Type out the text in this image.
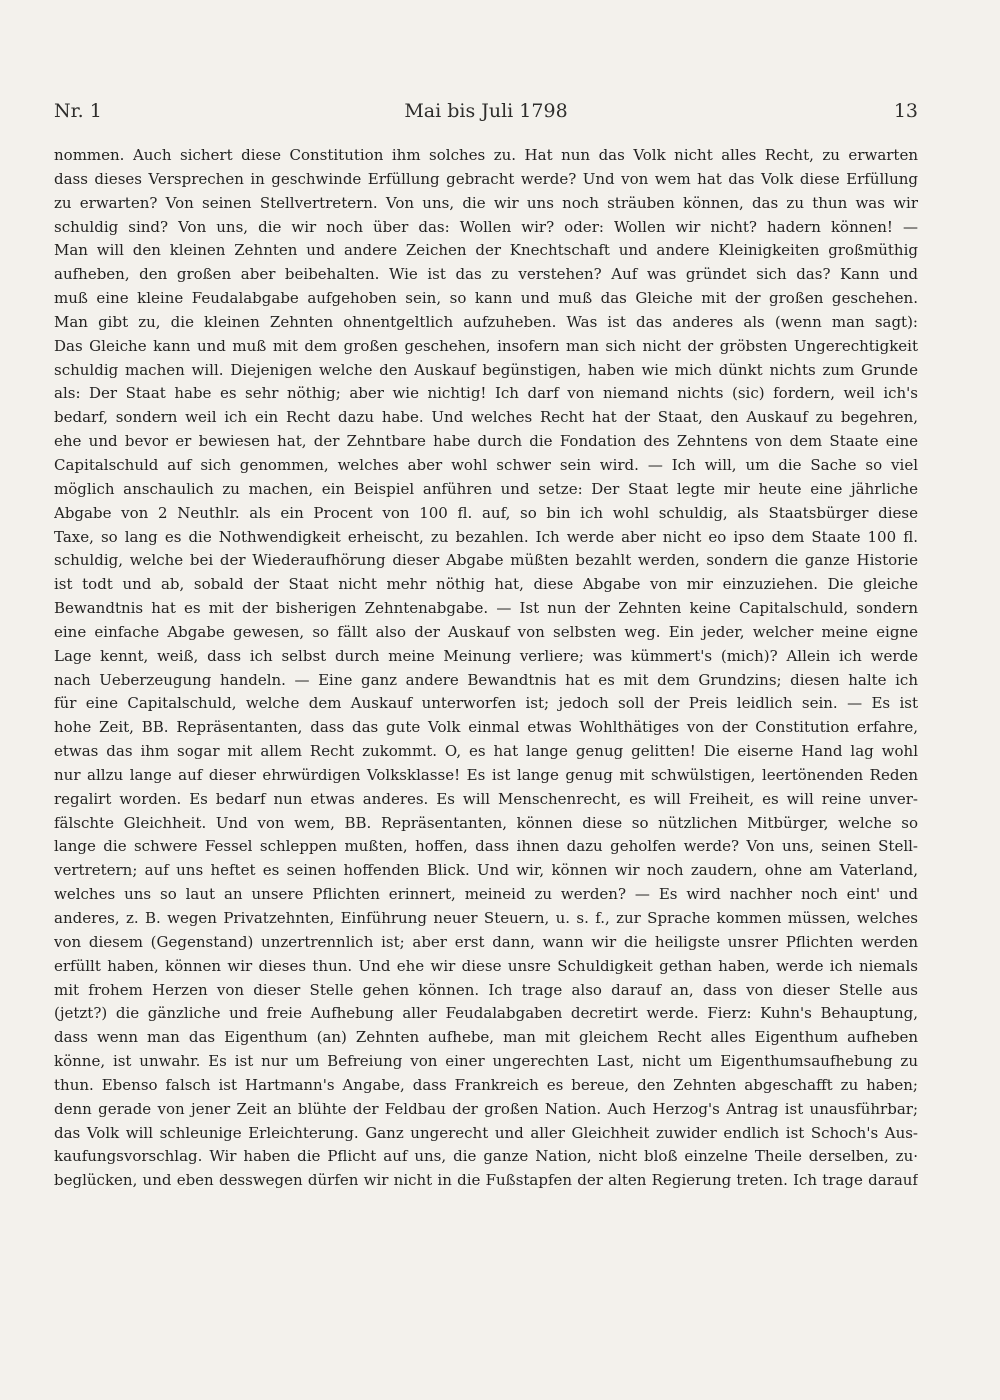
Nr. 1	Mai bis Juli 1798	13
nommen. Auch sichert diese Constitution ihm solches zu. Hat nun das Volk nicht alles Recht, zu erwarten
dass dieses Versprechen in geschwinde Erfüllung gebracht werde? Und von wem hat das Volk diese Erfüllung
zu erwarten? Von seinen Stellvertretern. Von uns, die wir uns noch sträuben können, das zu thun was wir
schuldig sind? Von uns, die wir noch über das: Wollen wir? oder: Wollen wir nicht? hadern können! —
Man will den kleinen Zehnten und andere Zeichen der Knechtschaft und andere Kleinigkeiten großmüthig
aufheben, den großen aber beibehalten. Wie ist das zu verstehen? Auf was gründet sich das? Kann und
muß eine kleine Feudalabgabe aufgehoben sein, so kann und muß das Gleiche mit der großen geschehen.
Man gibt zu, die kleinen Zehnten ohnentgeltlich aufzuheben. Was ist das anderes als (wenn man sagt):
Das Gleiche kann und muß mit dem großen geschehen, insofern man sich nicht der gröbsten Ungerechtigkeit
schuldig machen will. Diejenigen welche den Auskauf begünstigen, haben wie mich dünkt nichts zum Grunde
als: Der Staat habe es sehr nöthig; aber wie nichtig! Ich darf von niemand nichts (sic) fordern, weil ich's
bedarf, sondern weil ich ein Recht dazu habe. Und welches Recht hat der Staat, den Auskauf zu begehren,
ehe und bevor er bewiesen hat, der Zehntbare habe durch die Fondation des Zehntens von dem Staate eine
Capitalschuld auf sich genommen, welches aber wohl schwer sein wird. — Ich will, um die Sache so viel
möglich anschaulich zu machen, ein Beispiel anführen und setze: Der Staat legte mir heute eine jährliche
Abgabe von 2 Neuthlr. als ein Procent von 100 fl. auf, so bin ich wohl schuldig, als Staatsbürger diese
Taxe, so lang es die Nothwendigkeit erheischt, zu bezahlen. Ich werde aber nicht eo ipso dem Staate 100 fl.
schuldig, welche bei der Wiederaufhörung dieser Abgabe müßten bezahlt werden, sondern die ganze Historie
ist todt und ab, sobald der Staat nicht mehr nöthig hat, diese Abgabe von mir einzuziehen. Die gleiche
Bewandtnis hat es mit der bisherigen Zehntenabgabe. — Ist nun der Zehnten keine Capitalschuld, sondern
eine einfache Abgabe gewesen, so fällt also der Auskauf von selbsten weg. Ein jeder, welcher meine eigne
Lage kennt, weiß, dass ich selbst durch meine Meinung verliere; was kümmert's (mich)? Allein ich werde
nach Ueberzeugung handeln. — Eine ganz andere Bewandtnis hat es mit dem Grundzins; diesen halte ich
für eine Capitalschuld, welche dem Auskauf unterworfen ist; jedoch soll der Preis leidlich sein. — Es ist
hohe Zeit, BB. Repräsentanten, dass das gute Volk einmal etwas Wohlthätiges von der Constitution erfahre,
etwas das ihm sogar mit allem Recht zukommt. O, es hat lange genug gelitten! Die eiserne Hand lag wohl
nur allzu lange auf dieser ehrwürdigen Volksklasse! Es ist lange genug mit schwülstigen, leertönenden Reden
regalirt worden. Es bedarf nun etwas anderes. Es will Menschenrecht, es will Freiheit, es will reine unver-
fälschte Gleichheit. Und von wem, BB. Repräsentanten, können diese so nützlichen Mitbürger, welche so
lange die schwere Fessel schleppen mußten, hoffen, dass ihnen dazu geholfen werde? Von uns, seinen Stell-
vertretern; auf uns heftet es seinen hoffenden Blick. Und wir, können wir noch zaudern, ohne am Vaterland,
welches uns so laut an unsere Pflichten erinnert, meineid zu werden? — Es wird nachher noch eint' und
anderes, z. B. wegen Privatzehnten, Einführung neuer Steuern, u. s. f., zur Sprache kommen müssen, welches
von diesem (Gegenstand) unzertrennlich ist; aber erst dann, wann wir die heiligste unsrer Pflichten werden
erfüllt haben, können wir dieses thun. Und ehe wir diese unsre Schuldigkeit gethan haben, werde ich niemals
mit frohem Herzen von dieser Stelle gehen können. Ich trage also darauf an, dass von dieser Stelle aus
(jetzt?) die gänzliche und freie Aufhebung aller Feudalabgaben decretirt werde. Fierz: Kuhn's Behauptung,
dass wenn man das Eigenthum (an) Zehnten aufhebe, man mit gleichem Recht alles Eigenthum aufheben
könne, ist unwahr. Es ist nur um Befreiung von einer ungerechten Last, nicht um Eigenthumsaufhebung zu
thun. Ebenso falsch ist Hartmann's Angabe, dass Frankreich es bereue, den Zehnten abgeschafft zu haben;
denn gerade von jener Zeit an blühte der Feldbau der großen Nation. Auch Herzog's Antrag ist unausführbar;
das Volk will schleunige Erleichterung. Ganz ungerecht und aller Gleichheit zuwider endlich ist Schoch's Aus-
kaufungsvorschlag. Wir haben die Pflicht auf uns, die ganze Nation, nicht bloß einzelne Theile derselben, zu·
beglücken, und eben desswegen dürfen wir nicht in die Fußstapfen der alten Regierung treten. Ich trage darauf
